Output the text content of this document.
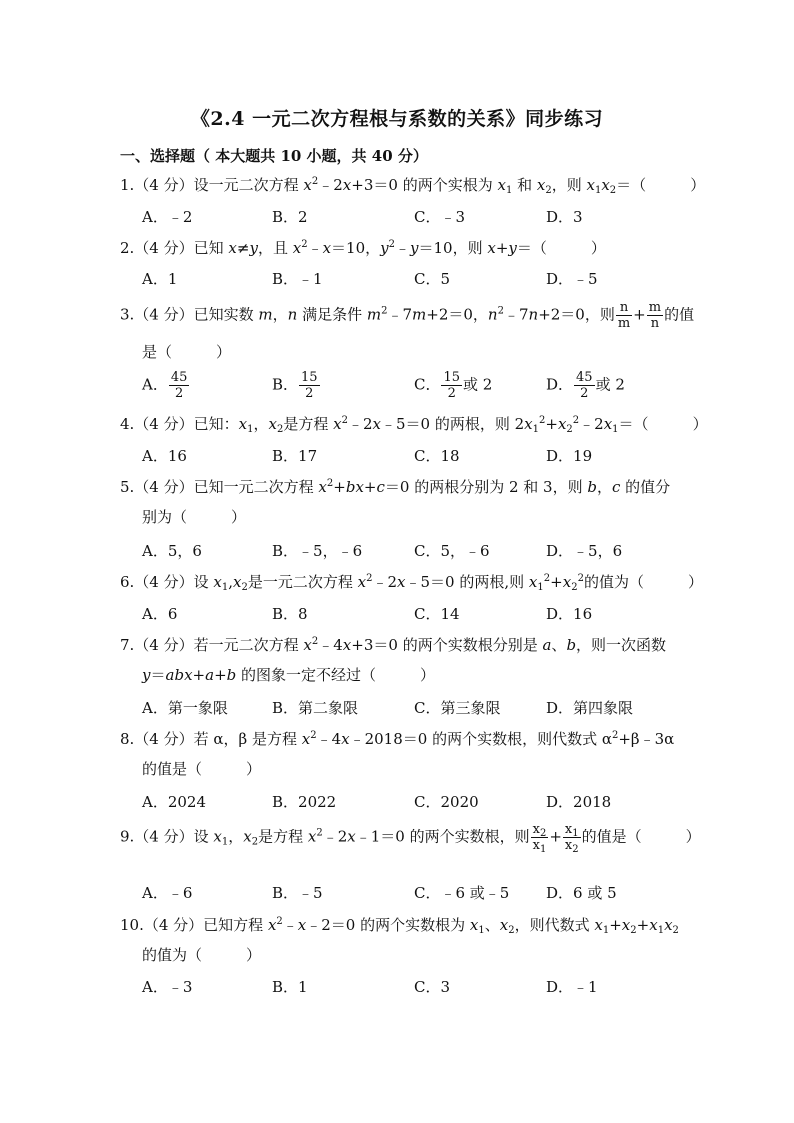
《2.4 一元二次方程根与系数的关系》同步练习
一、选择题（ 本大题共 10 小题，共 40 分）
1.（4 分）设一元二次方程 $x^2﹣2x+3=0$ 的两个实根为 $x_1$ 和 $x_2$，则 $x_1x_2=$（	）
A．﹣2	B．2	C．﹣3	D．3
2.（4 分）已知 x≠y，且 $x^2﹣x=10$，$y^2﹣y=10$，则 x+y＝（	）
A．1	B．﹣1	C．5	D．﹣5
3.（4 分）已知实数 m，n 满足条件 $m^2﹣7m+2=0$，$n^2﹣7n+2=0$，则 $\frac{n}{m} + \frac{m}{n}$ 的值
是（	）
A． $\frac{45}{2}$	B． $\frac{15}{2}$	C． $\frac{15}{2}$ 或 2	D． $\frac{45}{2}$ 或 2
4.（4 分）已知：$x_1$，$x_2$是方程 $x^2﹣2x﹣5=0$ 的两根，则 $2x_1^2+x_2^2﹣2x_1=$（	）
A．16	B．17	C．18	D．19
5.（4 分）已知一元二次方程 $x^2+bx+c=0$ 的两根分别为 2 和 3，则 b，c 的值分
别为（	）
A．5，6	B．﹣5，﹣6	C．5，﹣6	D．﹣5，6
6.（4 分）设 $x_1,x_2$是一元二次方程 $x^2﹣2x﹣5=0$ 的两根,则 $x_1^2+x_2^2$的值为（	）
A．6	B．8	C．14	D．16
7.（4 分）若一元二次方程 $x^2﹣4x+3=0$ 的两个实数根分别是 a、b，则一次函数
y＝abx+a+b 的图象一定不经过（	）
A．第一象限	B．第二象限	C．第三象限	D．第四象限
8.（4 分）若 α，β 是方程 $x^2﹣4x﹣2018=0$ 的两个实数根，则代数式 $\alpha^2+\beta﹣3\alpha$
的值是（	）
A．2024	B．2022	C．2020	D．2018
9.（4 分）设 $x_1$，$x_2$是方程 $x^2﹣2x﹣1=0$ 的两个实数根，则 $\frac{x_2}{x_1} + \frac{x_1}{x_2}$ 的值是（	）
A．﹣6	B．﹣5	C．﹣6 或﹣5 D．6 或 5
10.（4 分）已知方程 $x^2﹣x﹣2=0$ 的两个实数根为 $x_1$、$x_2$，则代数式 $x_1+x_2+x_1x_2$
的值为（	）
A．﹣3	B．1	C．3	D．﹣1
